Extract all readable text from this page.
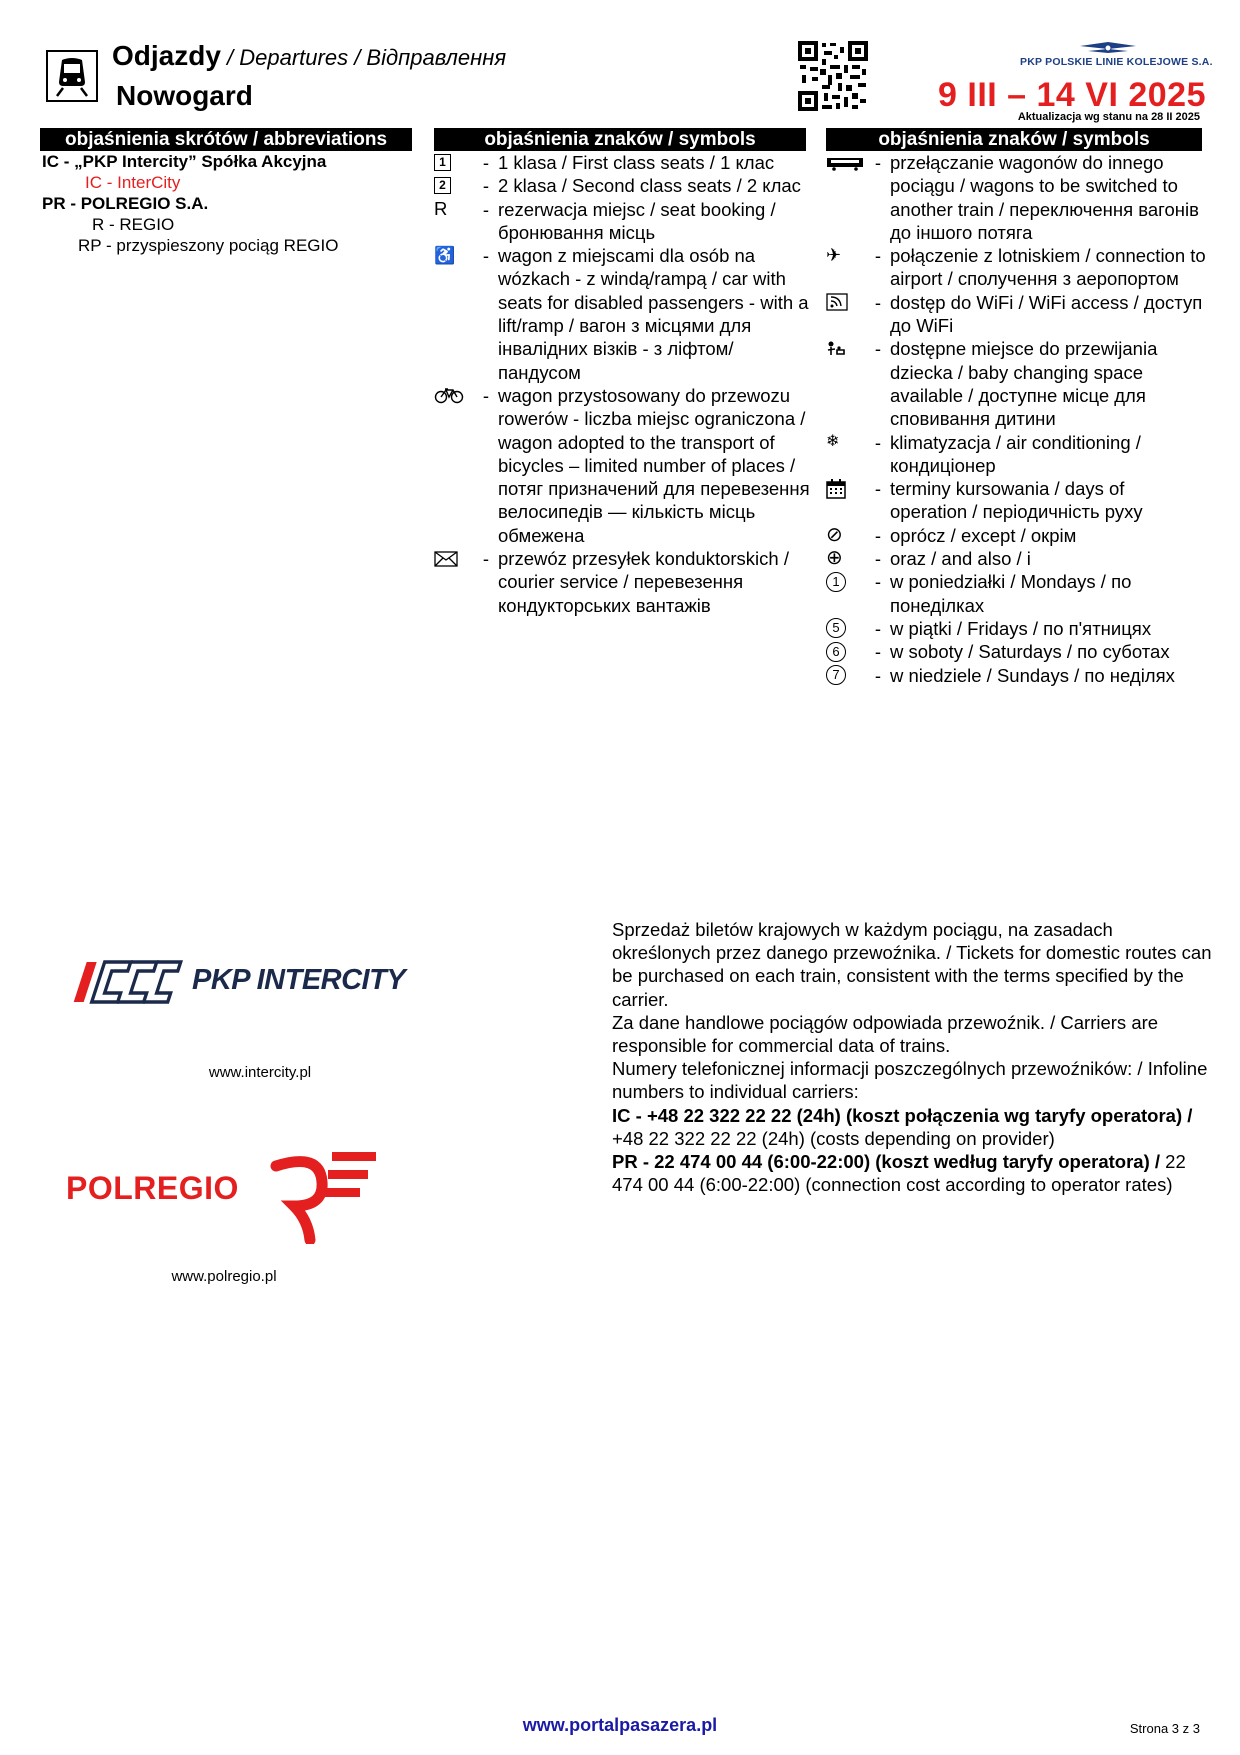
Odjazdy / Departures / Відправлення
Nowogard
PKP POLSKIE LINIE KOLEJOWE S.A.
9 III – 14 VI 2025
Aktualizacja wg stanu na 28 II 2025
objaśnienia skrótów / abbreviations
IC - „PKP Intercity” Spółka Akcyjna
IC - InterCity
PR - POLREGIO S.A.
R - REGIO
RP - przyspieszony pociąg REGIO
objaśnienia znaków / symbols
1	- 1 klasa / First class seats / 1 клас
2	- 2 klasa / Second class seats / 2 клас
R	- rezerwacja miejsc / seat booking / бронювання місць
♿	- wagon z miejscami dla osób na wózkach - z windą/rampą / car with seats for disabled passengers - with a lift/ramp / вагон з місцями для інвалідних візків - з ліфтом/пандусом
- wagon przystosowany do przewozu rowerów - liczba miejsc ograniczona / wagon adopted to the transport of bicycles – limited number of places / потяг призначений для перевезення велосипедів — кількість місць обмежена
- przewóz przesyłek konduktorskich / courier service / перевезення кондукторських вантажів
objaśnienia znaków / symbols
- przełączanie wagonów do innego pociągu / wagons to be switched to another train / переключення вагонів до іншого потяга
✈	- połączenie z lotniskiem / connection to airport / сполучення з аеропортом
- dostęp do WiFi / WiFi access / доступ до WiFi
- dostępne miejsce do przewijania dziecka / baby changing space available / доступне місце для сповивання дитини
❄	- klimatyzacja / air conditioning / кондиціонер
- terminy kursowania / days of operation / періодичність руху
⊘	- oprócz / except / окрім
⊕	- oraz / and also / і
1	- w poniedziałki / Mondays / по понеділках
5	- w piątki / Fridays / по п'ятницях
6	- w soboty / Saturdays / по суботах
7	- w niedziele / Sundays / по неділях
PKP INTERCITY
www.intercity.pl
POLREGIO
www.polregio.pl

Sprzedaż biletów krajowych w każdym pociągu, na zasadach określonych przez danego przewoźnika. / Tickets for domestic routes can be purchased on each train, consistent with the terms specified by the carrier.

Za dane handlowe pociągów odpowiada przewoźnik. / Carriers are responsible for commercial data of trains.

Numery telefonicznej informacji poszczególnych przewoźników: / Infoline numbers to individual carriers:

IC - +48 22 322 22 22 (24h) (koszt połączenia wg taryfy operatora) / +48 22 322 22 22 (24h) (costs depending on provider)

PR - 22 474 00 44 (6:00-22:00) (koszt według taryfy operatora) / 22 474 00 44 (6:00-22:00) (connection cost according to operator rates)

www.portalpasazera.pl	Strona 3 z 3
